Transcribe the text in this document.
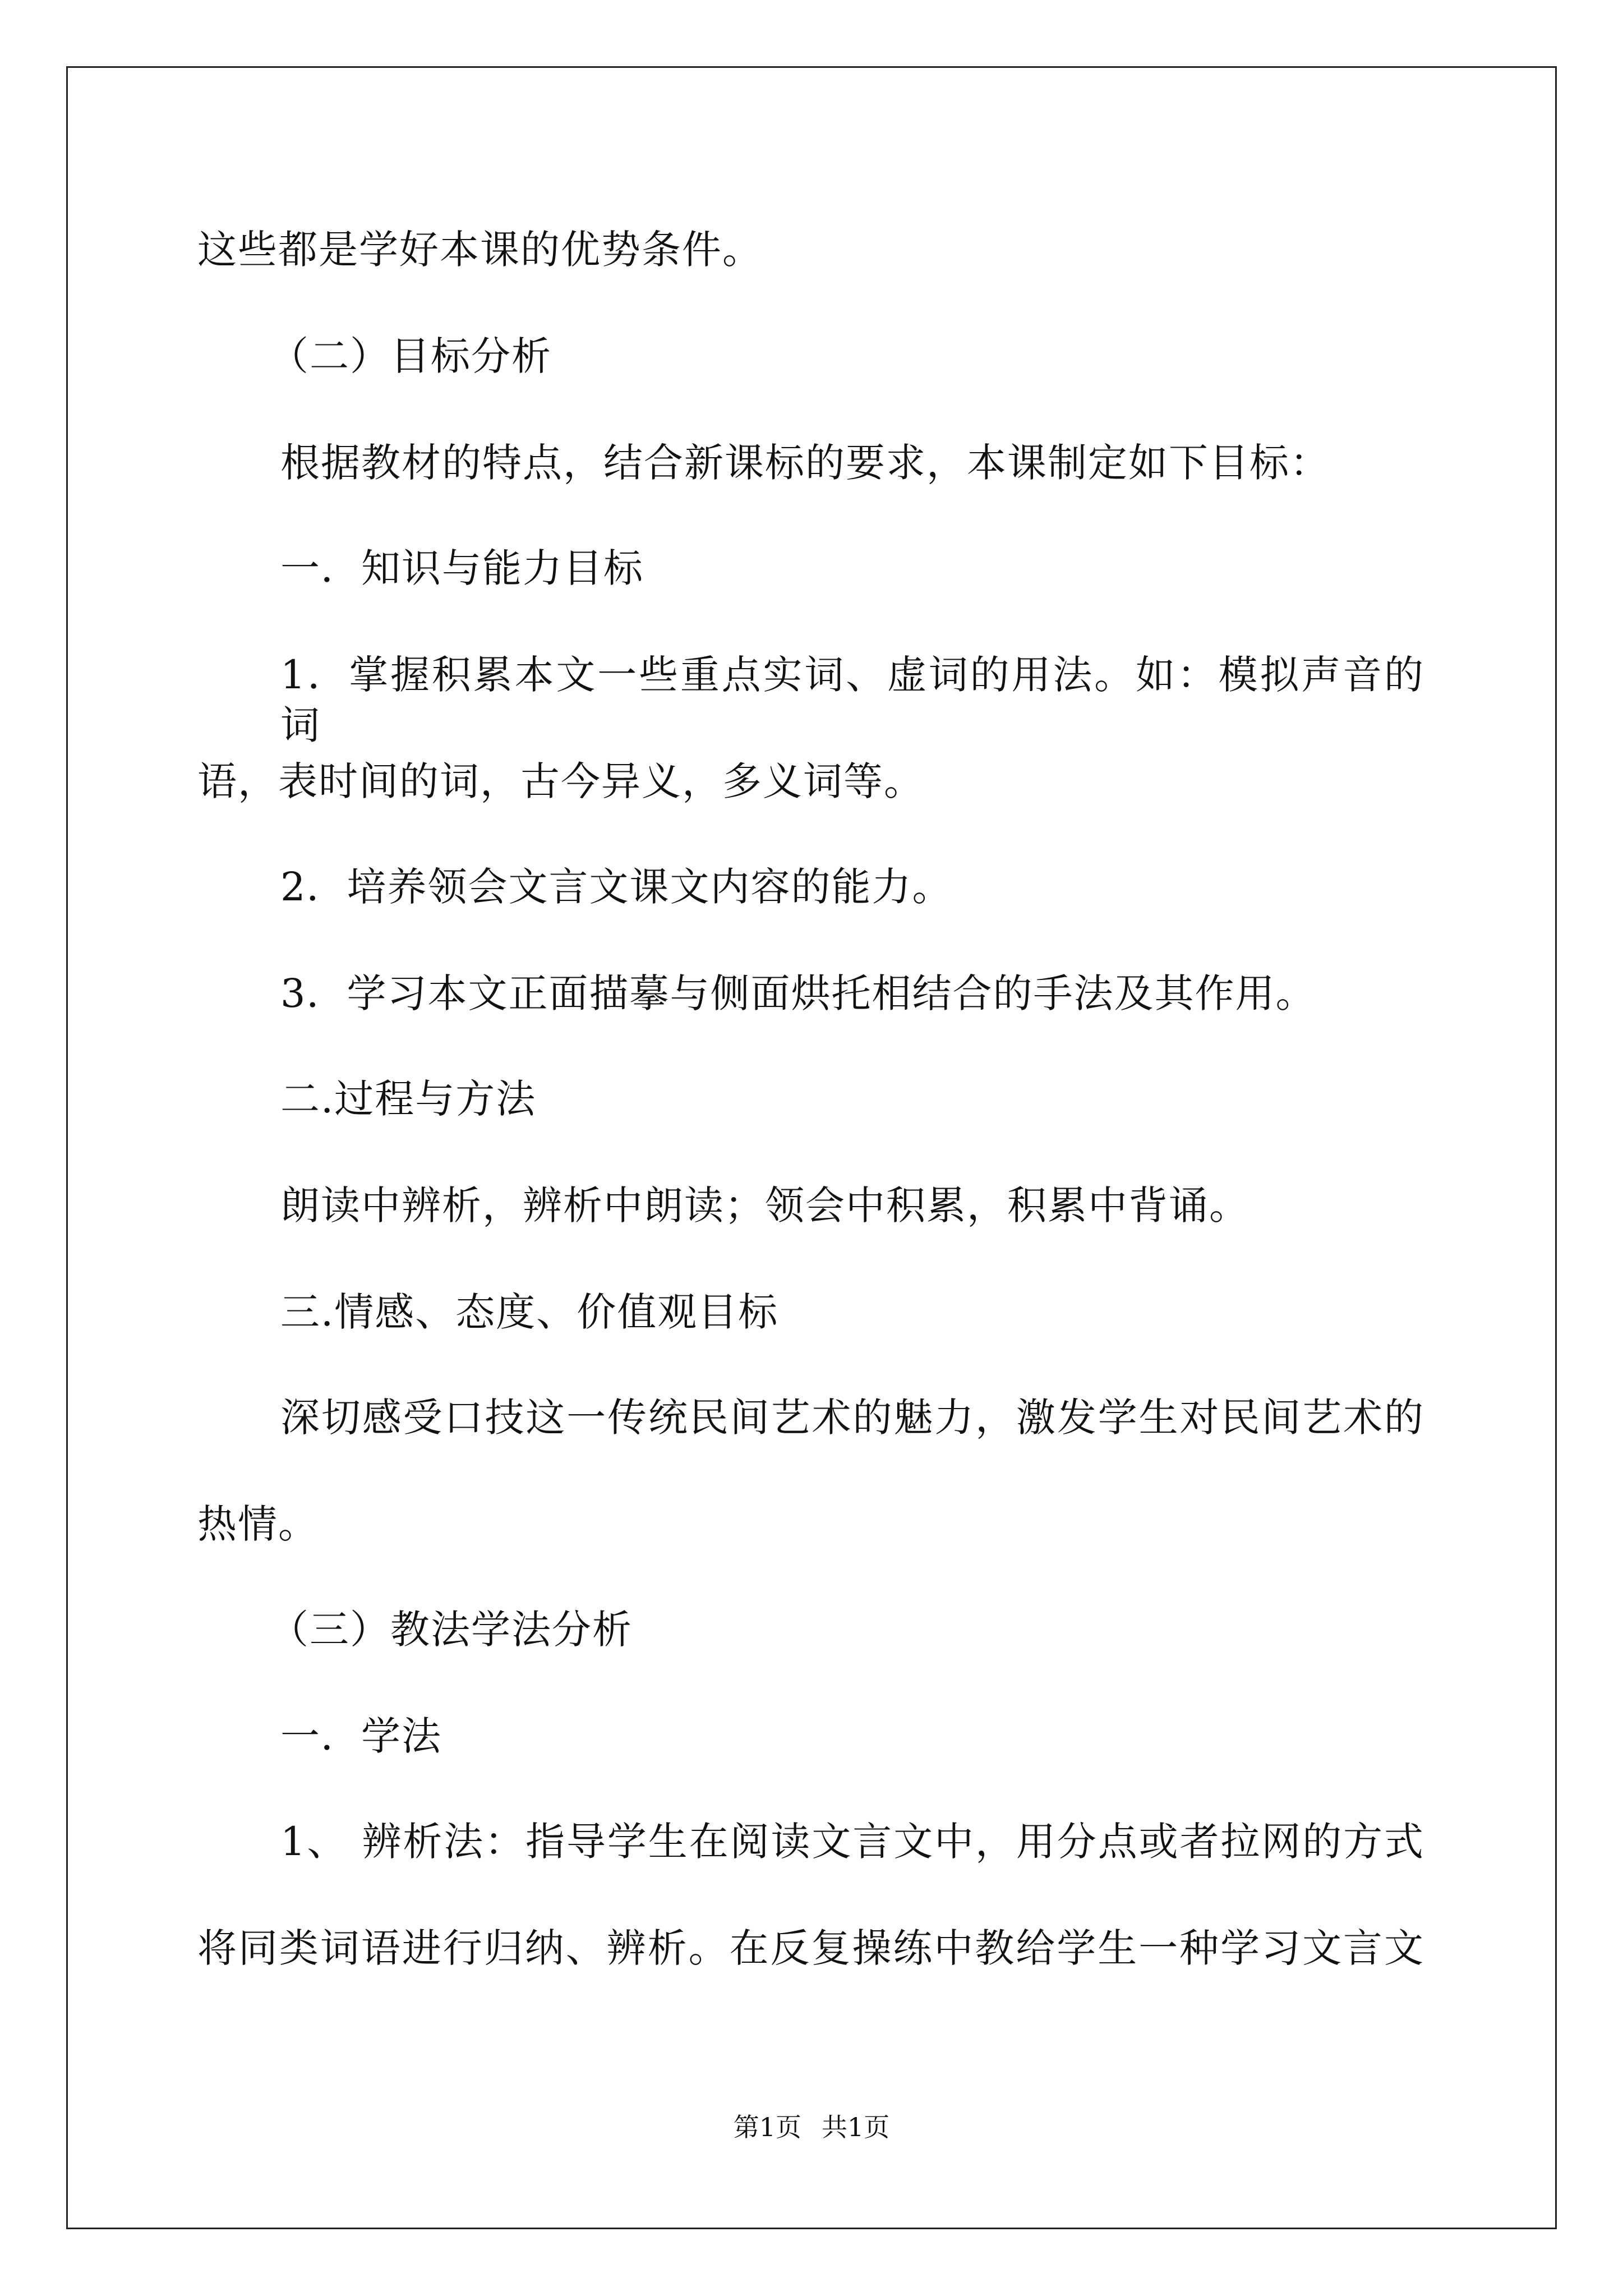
这些都是学好本课的优势条件。
（二）目标分析
根据教材的特点，结合新课标的要求，本课制定如下目标：
一．知识与能力目标
1．掌握积累本文一些重点实词、虚词的用法。如：模拟声音的词
语，表时间的词，古今异义，多义词等。
2．培养领会文言文课文内容的能力。
3．学习本文正面描摹与侧面烘托相结合的手法及其作用。
二.过程与方法
朗读中辨析，辨析中朗读；领会中积累，积累中背诵。
三.情感、态度、价值观目标
深切感受口技这一传统民间艺术的魅力，激发学生对民间艺术的
热情。
（三）教法学法分析
一．学法
1、 辨析法：指导学生在阅读文言文中，用分点或者拉网的方式
将同类词语进行归纳、辨析。在反复操练中教给学生一种学习文言文
第1页 共1页
